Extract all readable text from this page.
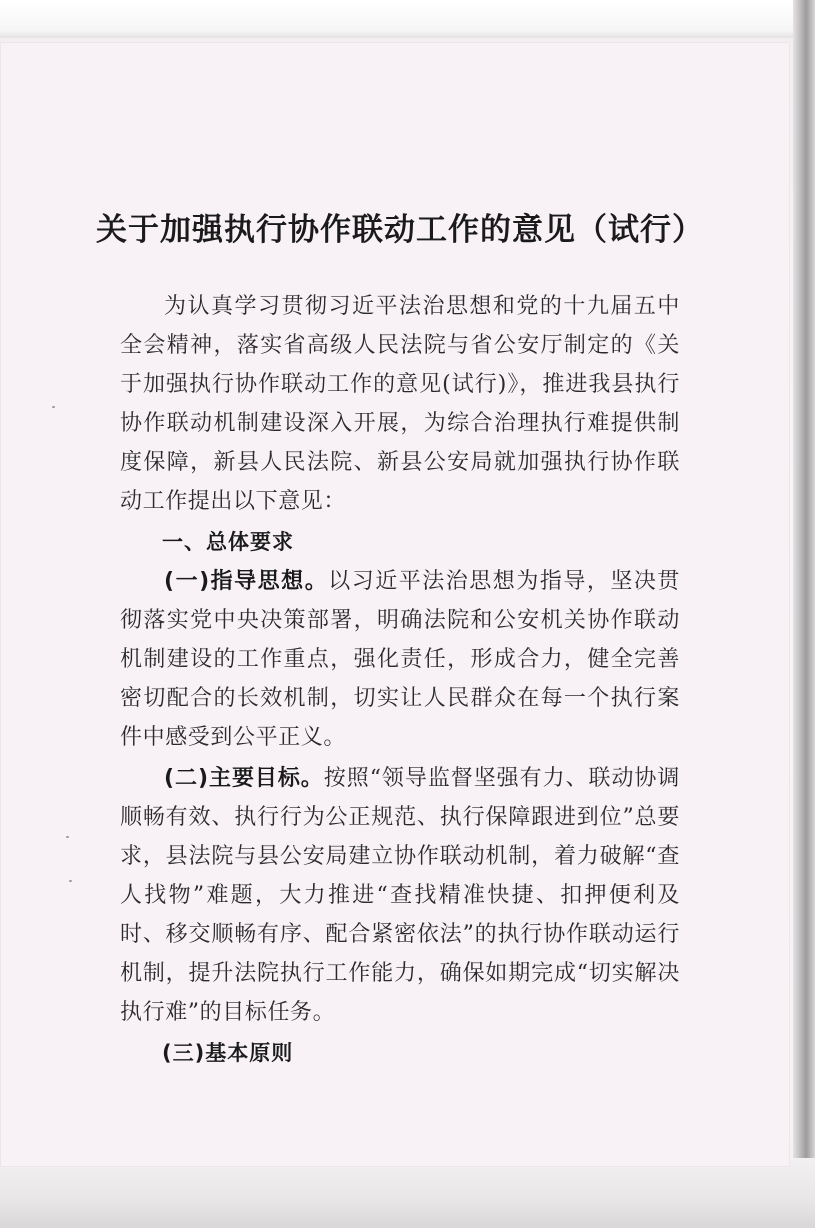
关于加强执行协作联动工作的意见（试行）

为认真学习贯彻习近平法治思想和党的十九届五中全会精神，落实省高级人民法院与省公安厅制定的《关于加强执行协作联动工作的意见(试行)》，推进我县执行协作联动机制建设深入开展，为综合治理执行难提供制度保障，新县人民法院、新县公安局就加强执行协作联动工作提出以下意见：

一、总体要求

(一)指导思想。以习近平法治思想为指导，坚决贯彻落实党中央决策部署，明确法院和公安机关协作联动机制建设的工作重点，强化责任，形成合力，健全完善密切配合的长效机制，切实让人民群众在每一个执行案件中感受到公平正义。

(二)主要目标。按照“领导监督坚强有力、联动协调顺畅有效、执行行为公正规范、执行保障跟进到位”总要求，县法院与县公安局建立协作联动机制，着力破解“查人找物”难题，大力推进“查找精准快捷、扣押便利及时、移交顺畅有序、配合紧密依法”的执行协作联动运行机制，提升法院执行工作能力，确保如期完成“切实解决执行难”的目标任务。

(三)基本原则
